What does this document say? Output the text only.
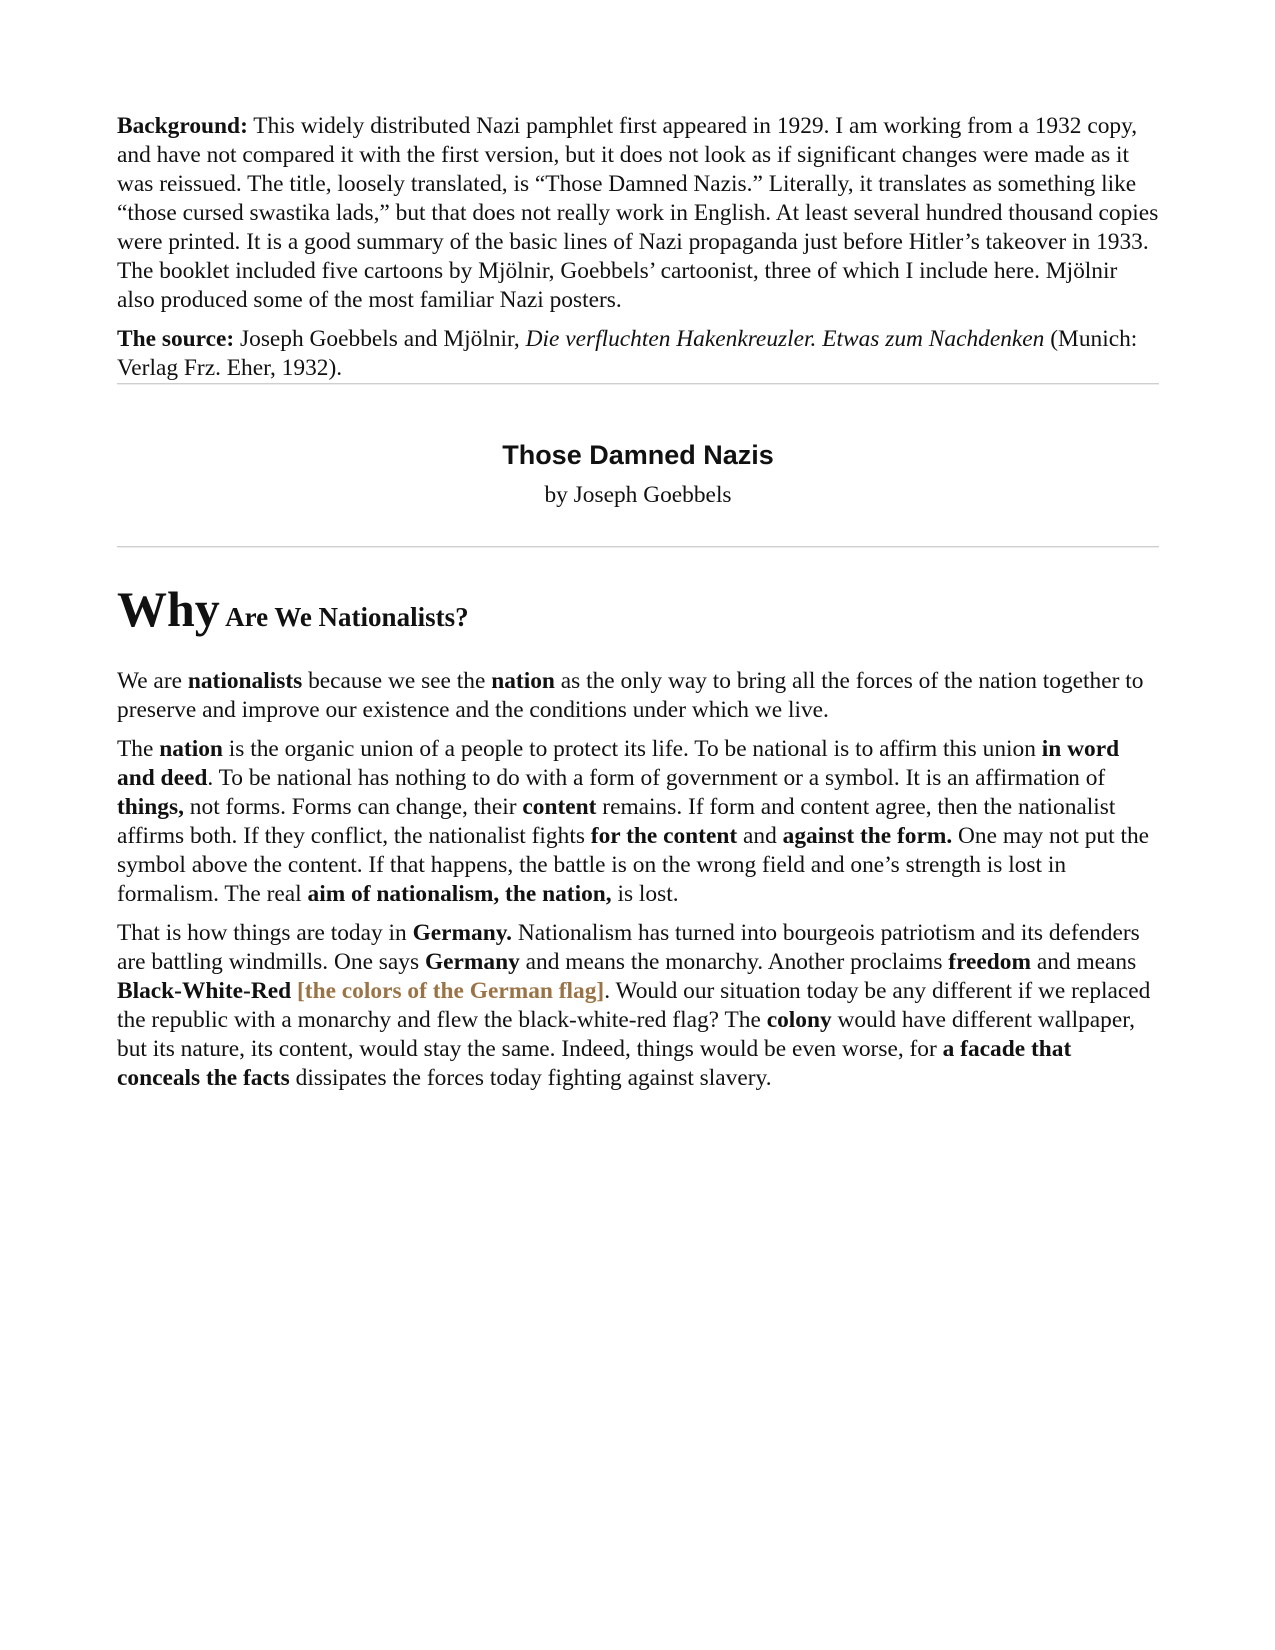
Background: This widely distributed Nazi pamphlet first appeared in 1929. I am working from a 1932 copy, and have not compared it with the first version, but it does not look as if significant changes were made as it was reissued. The title, loosely translated, is “Those Damned Nazis.” Literally, it translates as something like “those cursed swastika lads,” but that does not really work in English. At least several hundred thousand copies were printed. It is a good summary of the basic lines of Nazi propaganda just before Hitler’s takeover in 1933. The booklet included five cartoons by Mjölnir, Goebbels’ cartoonist, three of which I include here. Mjölnir also produced some of the most familiar Nazi posters.

The source: Joseph Goebbels and Mjölnir, Die verfluchten Hakenkreuzler. Etwas zum Nachdenken (Munich: Verlag Frz. Eher, 1932).

Those Damned Nazis
by Joseph Goebbels
Why Are We Nationalists?

We are nationalists because we see the nation as the only way to bring all the forces of the nation together to preserve and improve our existence and the conditions under which we live.

The nation is the organic union of a people to protect its life. To be national is to affirm this union in word and deed. To be national has nothing to do with a form of government or a symbol. It is an affirmation of things, not forms. Forms can change, their content remains. If form and content agree, then the nationalist affirms both. If they conflict, the nationalist fights for the content and against the form. One may not put the symbol above the content. If that happens, the battle is on the wrong field and one’s strength is lost in formalism. The real aim of nationalism, the nation, is lost.

That is how things are today in Germany. Nationalism has turned into bourgeois patriotism and its defenders are battling windmills. One says Germany and means the monarchy. Another proclaims freedom and means Black-White-Red [the colors of the German flag]. Would our situation today be any different if we replaced the republic with a monarchy and flew the black-white-red flag? The colony would have different wallpaper, but its nature, its content, would stay the same. Indeed, things would be even worse, for a facade that conceals the facts dissipates the forces today fighting against slavery.
